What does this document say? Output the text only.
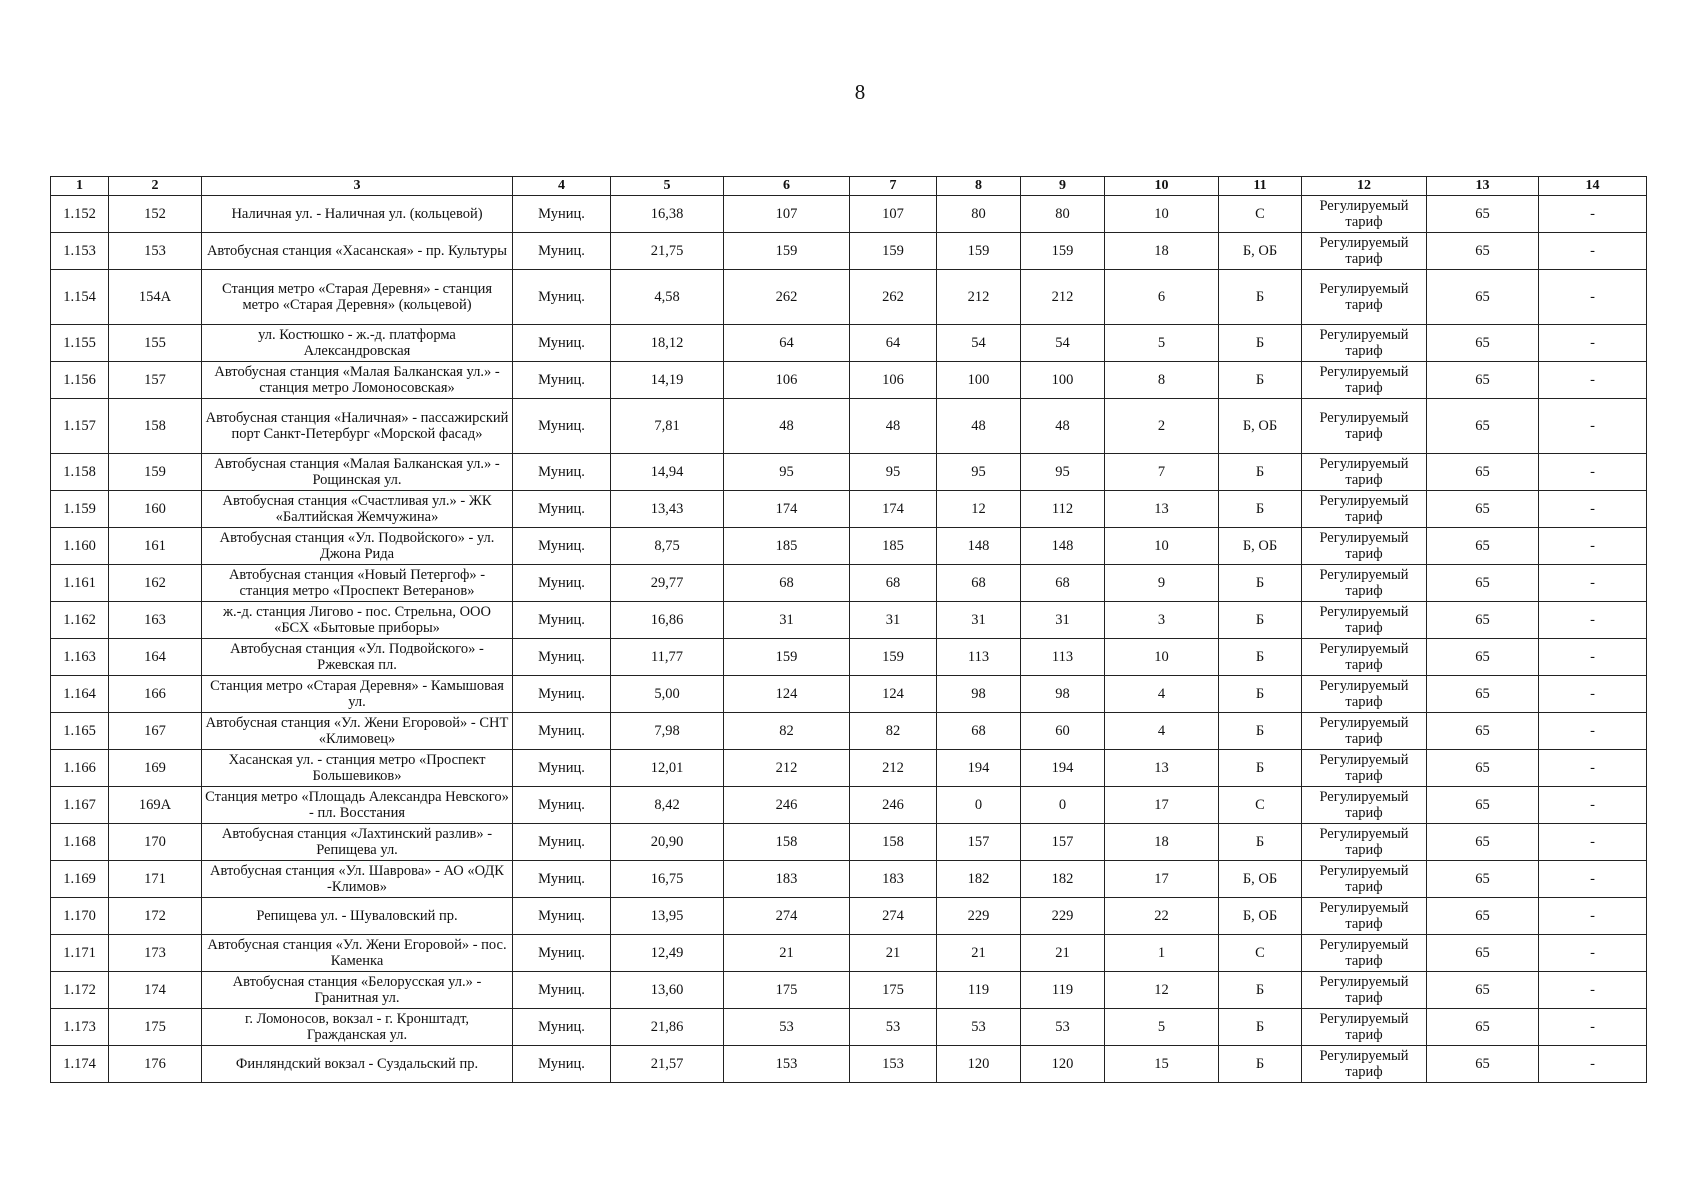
8
1	2	3	4	5	6	7	8	9	10	11	12	13	14
1.152	152	Наличная ул. - Наличная ул. (кольцевой)	Муниц.	16,38	107	107	80	80	10	С	Регулируемый тариф	65	-
1.153	153	Автобусная станция «Хасанская» - пр. Культуры	Муниц.	21,75	159	159	159	159	18	Б, ОБ	Регулируемый тариф	65	-
1.154	154А	Станция метро «Старая Деревня» - станция метро «Старая Деревня» (кольцевой)	Муниц.	4,58	262	262	212	212	6	Б	Регулируемый тариф	65	-
1.155	155	ул. Костюшко - ж.-д. платформа Александровская	Муниц.	18,12	64	64	54	54	5	Б	Регулируемый тариф	65	-
1.156	157	Автобусная станция «Малая Балканская ул.» - станция метро Ломоносовская»	Муниц.	14,19	106	106	100	100	8	Б	Регулируемый тариф	65	-
1.157	158	Автобусная станция «Наличная» - пассажирский порт Санкт-Петербург «Морской фасад»	Муниц.	7,81	48	48	48	48	2	Б, ОБ	Регулируемый тариф	65	-
1.158	159	Автобусная станция «Малая Балканская ул.» - Рощинская ул.	Муниц.	14,94	95	95	95	95	7	Б	Регулируемый тариф	65	-
1.159	160	Автобусная станция «Счастливая ул.» - ЖК «Балтийская Жемчужина»	Муниц.	13,43	174	174	12	112	13	Б	Регулируемый тариф	65	-
1.160	161	Автобусная станция «Ул. Подвойского» - ул. Джона Рида	Муниц.	8,75	185	185	148	148	10	Б, ОБ	Регулируемый тариф	65	-
1.161	162	Автобусная станция «Новый Петергоф» - станция метро «Проспект Ветеранов»	Муниц.	29,77	68	68	68	68	9	Б	Регулируемый тариф	65	-
1.162	163	ж.-д. станция Лигово - пос. Стрельна, ООО «БСХ «Бытовые приборы»	Муниц.	16,86	31	31	31	31	3	Б	Регулируемый тариф	65	-
1.163	164	Автобусная станция «Ул. Подвойского» - Ржевская пл.	Муниц.	11,77	159	159	113	113	10	Б	Регулируемый тариф	65	-
1.164	166	Станция метро «Старая Деревня» - Камышовая ул.	Муниц.	5,00	124	124	98	98	4	Б	Регулируемый тариф	65	-
1.165	167	Автобусная станция «Ул. Жени Егоровой» - СНТ «Климовец»	Муниц.	7,98	82	82	68	60	4	Б	Регулируемый тариф	65	-
1.166	169	Хасанская ул. - станция метро «Проспект Большевиков»	Муниц.	12,01	212	212	194	194	13	Б	Регулируемый тариф	65	-
1.167	169А	Станция метро «Площадь Александра Невского» - пл. Восстания	Муниц.	8,42	246	246	0	0	17	С	Регулируемый тариф	65	-
1.168	170	Автобусная станция «Лахтинский разлив» - Репищева ул.	Муниц.	20,90	158	158	157	157	18	Б	Регулируемый тариф	65	-
1.169	171	Автобусная станция «Ул. Шаврова» - АО «ОДК -Климов»	Муниц.	16,75	183	183	182	182	17	Б, ОБ	Регулируемый тариф	65	-
1.170	172	Репищева ул. - Шуваловский пр.	Муниц.	13,95	274	274	229	229	22	Б, ОБ	Регулируемый тариф	65	-
1.171	173	Автобусная станция «Ул. Жени Егоровой» - пос. Каменка	Муниц.	12,49	21	21	21	21	1	С	Регулируемый тариф	65	-
1.172	174	Автобусная станция «Белорусская ул.» - Гранитная ул.	Муниц.	13,60	175	175	119	119	12	Б	Регулируемый тариф	65	-
1.173	175	г. Ломоносов, вокзал - г. Кронштадт, Гражданская ул.	Муниц.	21,86	53	53	53	53	5	Б	Регулируемый тариф	65	-
1.174	176	Финляндский вокзал - Суздальский пр.	Муниц.	21,57	153	153	120	120	15	Б	Регулируемый тариф	65	-
